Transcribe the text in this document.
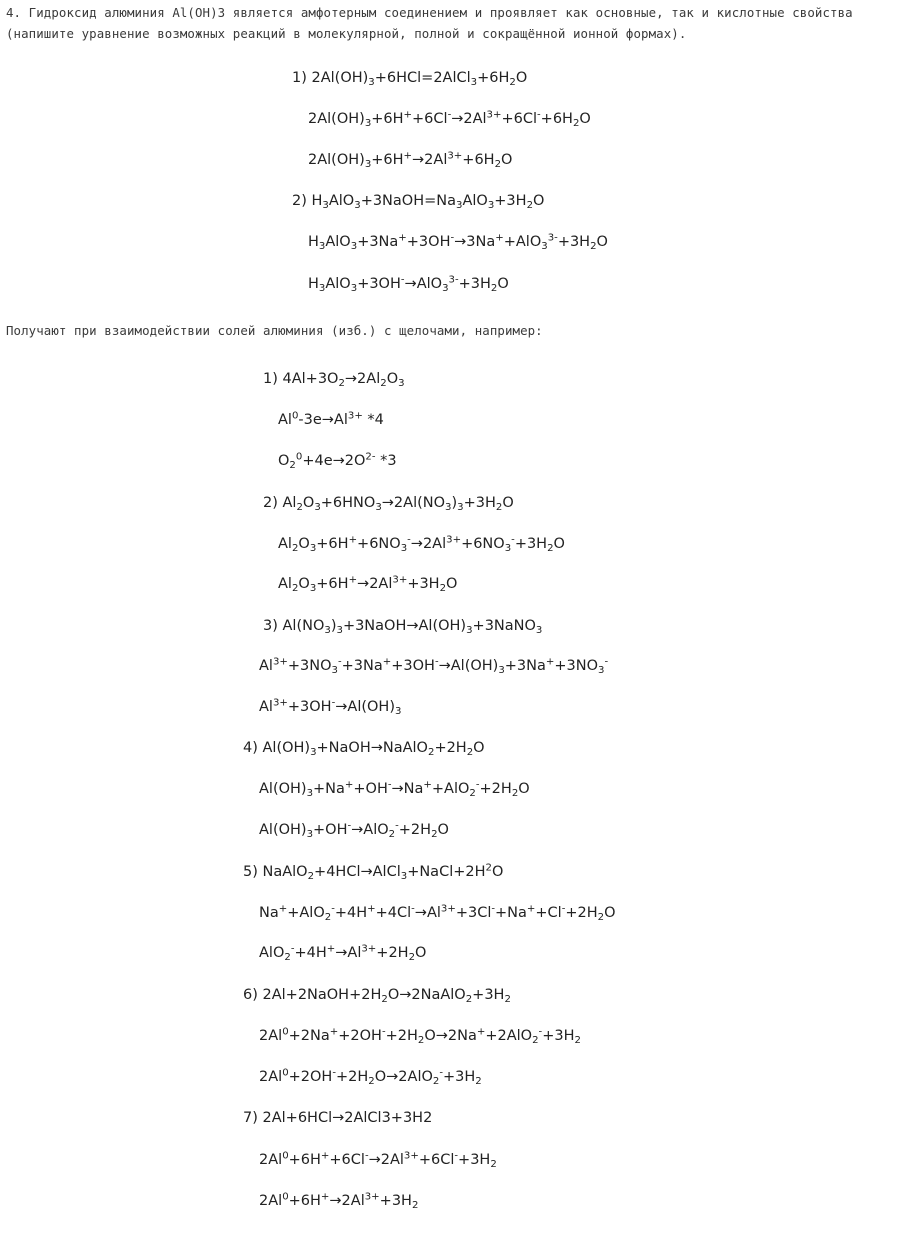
4. Гидроксид алюминия Al(OH)3 является амфотерным соединением и проявляет как основные, так и кислотные свойства (напишите уравнение возможных реакций в молекулярной, полной и сокращённой ионной формах).
Получают при взаимодействии солей алюминия (изб.) с щелочами, например:
1) $2Al(OH)_3+6HCl=2AlCl_3+6H_2O$
$2Al(OH)_3+6H^++6Cl^-\to 2Al^{3+}+6Cl^-+6H_2O$
$2Al(OH)_3+6H^+\to 2Al^{3+}+6H_2O$
2) $H_3AlO_3+3NaOH=Na_3AlO_3+3H_2O$
$H_3AlO_3+3Na^++3OH^-\to 3Na^++AlO_3^{3-}+3H_2O$
$H_3AlO_3+3OH^-\to AlO_3^{3-}+3H_2O$
1) $4Al+3O_2\to 2Al_2O_3$
$Al^0-3e\to Al^{3+}$ *4
$O_2^0+4e\to 2O^{2-}$ *3
2) $Al_2O_3+6HNO_3\to 2Al(NO_3)_3+3H_2O$
$Al_2O_3+6H^++6NO_3^-\to 2Al^{3+}+6NO_3^-+3H_2O$
$Al_2O_3+6H^+\to 2Al^{3+}+3H_2O$
3) $Al(NO_3)_3+3NaOH\to Al(OH)_3+3NaNO_3$
$Al^{3+}+3NO_3^-+3Na^++3OH^-\to Al(OH)_3+3Na^++3NO_3^-$
$Al^{3+}+3OH^-\to Al(OH)_3$
4) $Al(OH)_3+NaOH\to NaAlO_2+2H_2O$
$Al(OH)_3+Na^++OH^-\to Na^++AlO_2^-+2H_2O$
$Al(OH)_3+OH^-\to AlO_2^-+2H_2O$
5) $NaAlO_2+4HCl\to AlCl_3+NaCl+2H^2O$
$Na^++AlO_2^-+4H^++4Cl^-\to Al^{3+}+3Cl^-+Na^++Cl^-+2H_2O$
$AlO_2^-+4H^+\to Al^{3+}+2H_2O$
6) $2Al+2NaOH+2H_2O\to 2NaAlO_2+3H_2$
$2Al^0+2Na^++2OH^-+2H_2O\to 2Na^++2AlO_2^-+3H_2$
$2Al^0+2OH^-+2H_2O\to 2AlO_2^-+3H_2$
7) 2Al+6HCl→2AlCl3+3H2
$2Al^0+6H^++6Cl^-\to 2Al^{3+}+6Cl^-+3H_2$
$2Al^0+6H^+\to 2Al^{3+}+3H_2$
